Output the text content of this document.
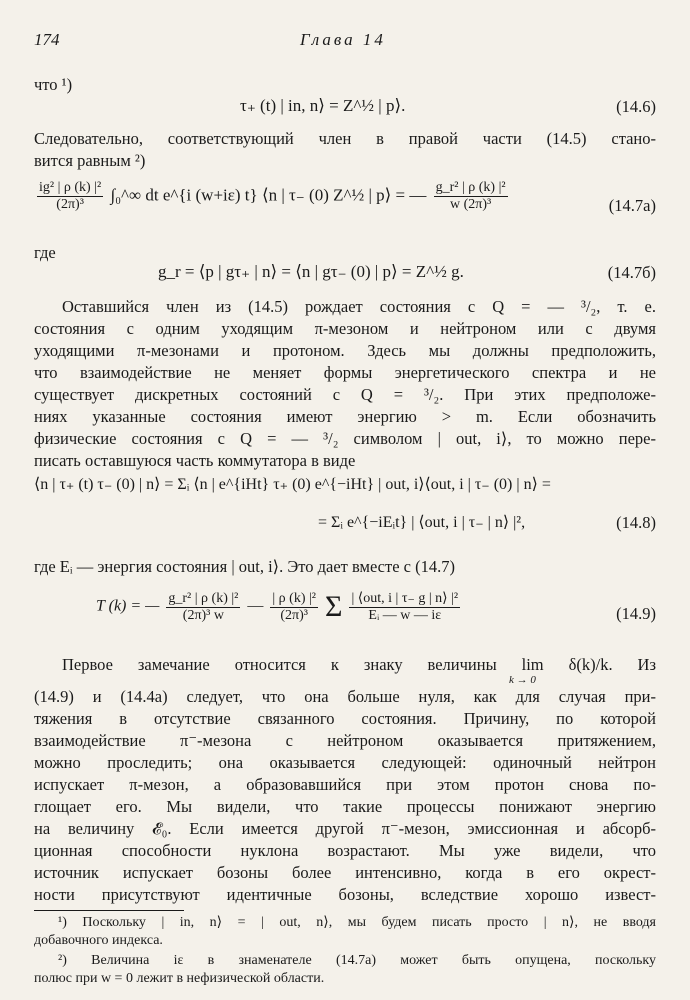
174	Глава 14
что ¹)
τ₊ (t) | in, n⟩ = Z^½ | p⟩.	(14.6)
Следовательно, соответствующий член в правой части (14.5) стано-
вится равным ²)
$\frac{\text{ig² | ρ (k) |²}}{\text{(2π)³}}$ ∫₀^∞ dt e^{i (w+iε) t} ⟨n | τ₋ (0) Z^½ | p⟩ = — $\frac{\text{g\_r² | ρ (k) |²}}{\text{w (2π)³}}$	(14.7а)
где
g_r = ⟨p | gτ₊ | n⟩ = ⟨n | gτ₋ (0) | p⟩ = Z^½ g.	(14.7б)
Оставшийся член из (14.5) рождает состояния с Q = — ³/₂, т. е.
состояния с одним уходящим π-мезоном и нейтроном или с двумя
уходящими π-мезонами и протоном. Здесь мы должны предположить,
что взаимодействие не меняет формы энергетического спектра и не
существует дискретных состояний с Q = ³/₂. При этих предположе-
ниях указанные состояния имеют энергию > m. Если обозначить
физические состояния с Q = — ³/₂ символом | out, i⟩, то можно пере-
писать оставшуюся часть коммутатора в виде
⟨n | τ₊ (t) τ₋ (0) | n⟩ = Σᵢ ⟨n | e^{iHt} τ₊ (0) e^{−iHt} | out, i⟩⟨out, i | τ₋ (0) | n⟩ =
= Σᵢ e^{−iEᵢt} | ⟨out, i | τ₋ | n⟩ |²,	(14.8)
где Eᵢ — энергия состояния | out, i⟩. Это дает вместе с (14.7)
T (k) = — $\frac{\text{g\_r² | ρ (k) |²}}{\text{(2π)³ w}}$ — $\frac{\text{| ρ (k) |²}}{\text{(2π)³}}$ Σ $\frac{\text{| ⟨out, i | τ₋ g | n⟩ |²}}{\text{Eᵢ — w — iε}}$	(14.9)
Первое замечание относится к знаку величины lim δ(k)/k. Из
k → 0
(14.9) и (14.4а) следует, что она больше нуля, как для случая при-
тяжения в отсутствие связанного состояния. Причину, по которой
взаимодействие π⁻-мезона с нейтроном оказывается притяжением,
можно проследить; она оказывается следующей: одиночный нейтрон
испускает π-мезон, а образовавшийся при этом протон снова по-
глощает его. Мы видели, что такие процессы понижают энергию
на величину 𝓔₀. Если имеется другой π⁻-мезон, эмиссионная и абсорб-
ционная способности нуклона возрастают. Мы уже видели, что
источник испускает бозоны более интенсивно, когда в его окрест-
ности присутствуют идентичные бозоны, вследствие хорошо извест-
¹) Поскольку | in, n⟩ = | out, n⟩, мы будем писать просто | n⟩, не вводя
добавочного индекса.
²) Величина iε в знаменателе (14.7а) может быть опущена, поскольку
полюс при w = 0 лежит в нефизической области.
